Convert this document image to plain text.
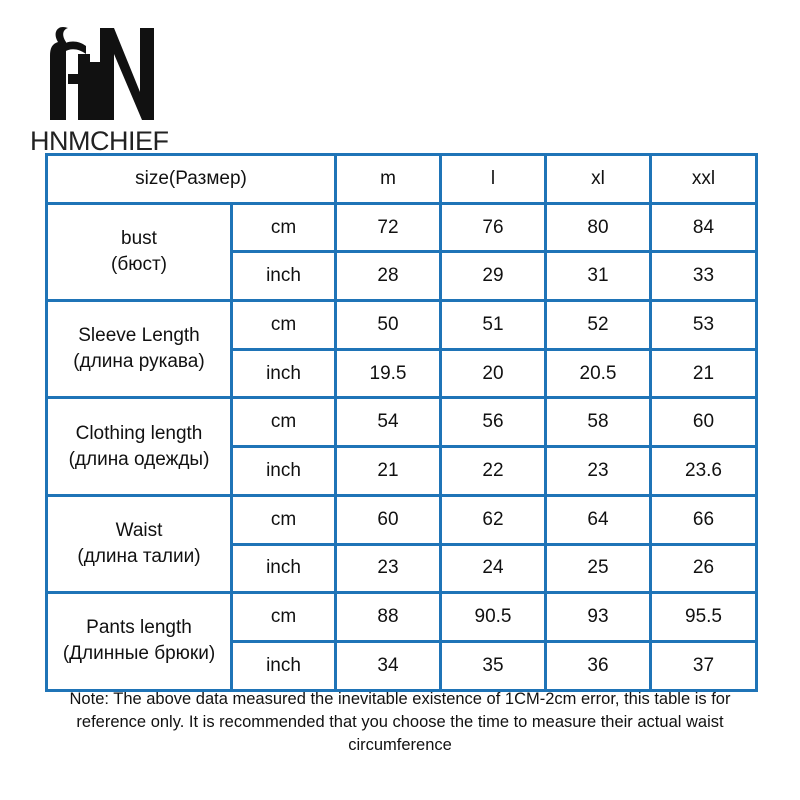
HNMCHIEF
size(Размер)		m	l	xl	xxl

bust
(бюст)	cm	72	76	80	84
	inch	28	29	31	33

Sleeve Length
(длина рукава)	cm	50	51	52	53
	inch	19.5	20	20.5	21

Clothing length
(длина одежды)	cm	54	56	58	60
	inch	21	22	23	23.6

Waist
(длина талии)	cm	60	62	64	66
	inch	23	24	25	26

Pants length
(Длинные брюки)	cm	88	90.5	93	95.5
	inch	34	35	36	37
Note: The above data measured the inevitable existence of 1CM-2cm error, this table is for reference only. It is recommended that you choose the time to measure their actual waist circumference
